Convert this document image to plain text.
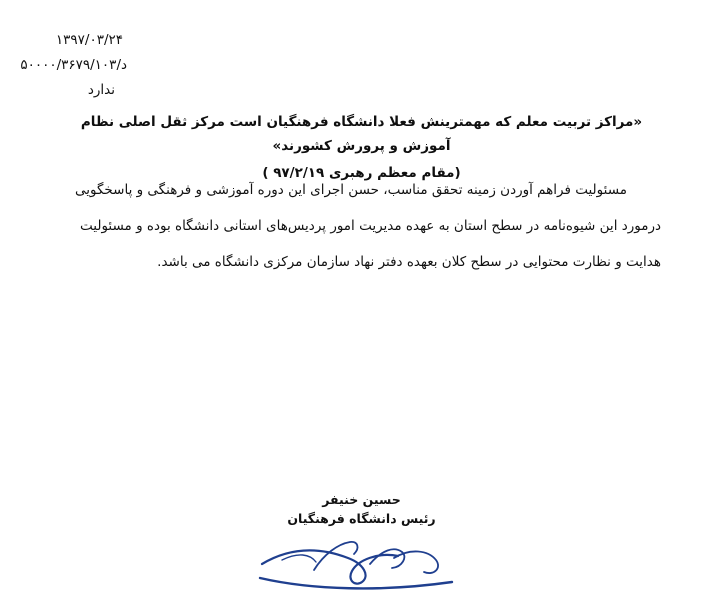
۱۳۹۷/۰۳/۲۴
د/۵۰۰۰۰/۳۶۷۹/۱۰۳
ندارد
«مراکز تربیت معلم که مهمترینش فعلا دانشگاه فرهنگیان است مرکز ثقل اصلی نظام آموزش و پرورش کشورند»
(مقام معظم رهبری ۹۷/۲/۱۹ )
مسئولیت فراهم آوردن زمینه تحقق مناسب، حسن اجرای این دوره آموزشی و فرهنگی و پاسخگویی
درمورد این شیوه‌نامه در سطح استان به عهده مدیریت امور پردیس‌های استانی دانشگاه بوده و مسئولیت
هدایت و نظارت محتوایی در سطح کلان بعهده دفتر نهاد سازمان مرکزی دانشگاه می باشد.
حسین خنیفر
رئیس دانشگاه فرهنگیان
